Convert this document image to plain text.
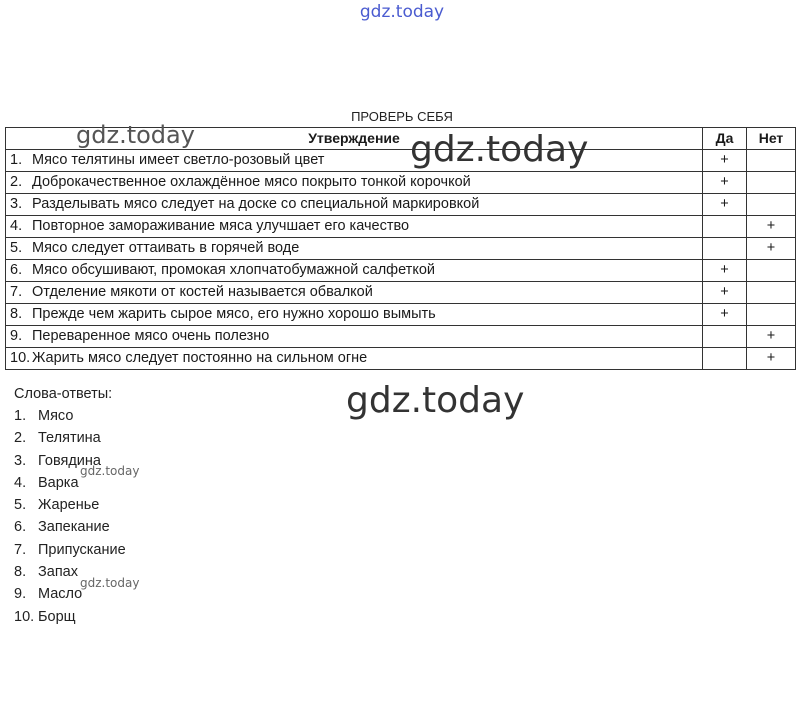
gdz.today
ПРОВЕРЬ СЕБЯ
Утверждение	Да	Нет
1. Мясо телятины имеет светло-розовый цвет	+	
2. Доброкачественное охлаждённое мясо покрыто тонкой корочкой	+	
3. Разделывать мясо следует на доске со специальной маркировкой	+	
4. Повторное замораживание мяса улучшает его качество		+
5. Мясо следует оттаивать в горячей воде		+
6. Мясо обсушивают, промокая хлопчатобумажной салфеткой	+	
7. Отделение мякоти от костей называется обвалкой	+	
8. Прежде чем жарить сырое мясо, его нужно хорошо вымыть	+	
9. Переваренное мясо очень полезно		+
10. Жарить мясо следует постоянно на сильном огне		+
Слова-ответы:
1. Мясо
2. Телятина
3. Говядина
4. Варка
5. Жаренье
6. Запекание
7. Припускание
8. Запах
9. Масло
10. Борщ
gdz.today	gdz.today
gdz.today
gdz.today
gdz.today
